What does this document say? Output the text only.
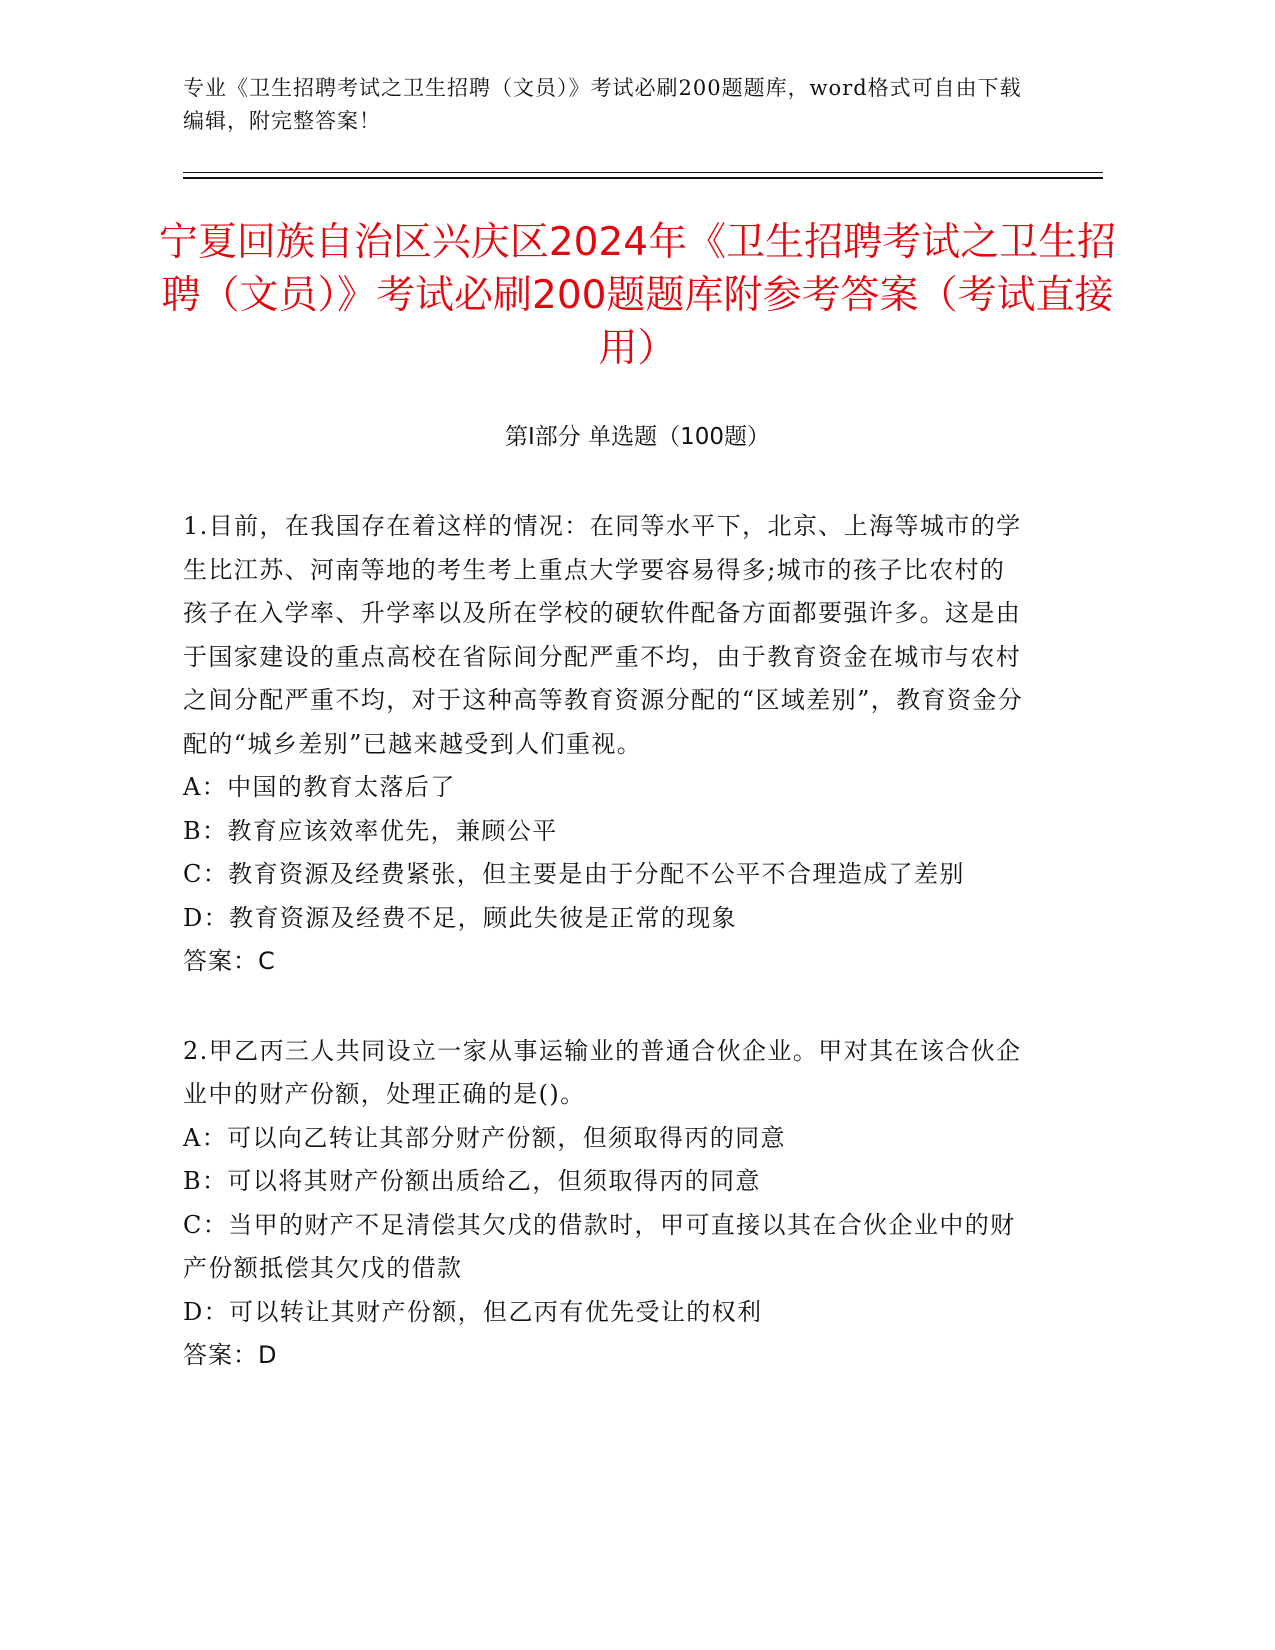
专业《卫生招聘考试之卫生招聘（文员）》考试必刷200题题库，word格式可自由下载编辑，附完整答案！
宁夏回族自治区兴庆区2024年《卫生招聘考试之卫生招聘（文员）》考试必刷200题题库附参考答案（考试直接用）
第Ⅰ部分 单选题（100题）

1.目前，在我国存在着这样的情况：在同等水平下，北京、上海等城市的学生比江苏、河南等地的考生考上重点大学要容易得多;城市的孩子比农村的孩子在入学率、升学率以及所在学校的硬软件配备方面都要强许多。这是由于国家建设的重点高校在省际间分配严重不均，由于教育资金在城市与农村之间分配严重不均，对于这种高等教育资源分配的“区域差别”，教育资金分配的“城乡差别”已越来越受到人们重视。

A：中国的教育太落后了

B：教育应该效率优先，兼顾公平

C：教育资源及经费紧张，但主要是由于分配不公平不合理造成了差别

D：教育资源及经费不足，顾此失彼是正常的现象

答案：C

2.甲乙丙三人共同设立一家从事运输业的普通合伙企业。甲对其在该合伙企业中的财产份额，处理正确的是()。

A：可以向乙转让其部分财产份额，但须取得丙的同意

B：可以将其财产份额出质给乙，但须取得丙的同意

C：当甲的财产不足清偿其欠戊的借款时，甲可直接以其在合伙企业中的财产份额抵偿其欠戊的借款

D：可以转让其财产份额，但乙丙有优先受让的权利

答案：D
